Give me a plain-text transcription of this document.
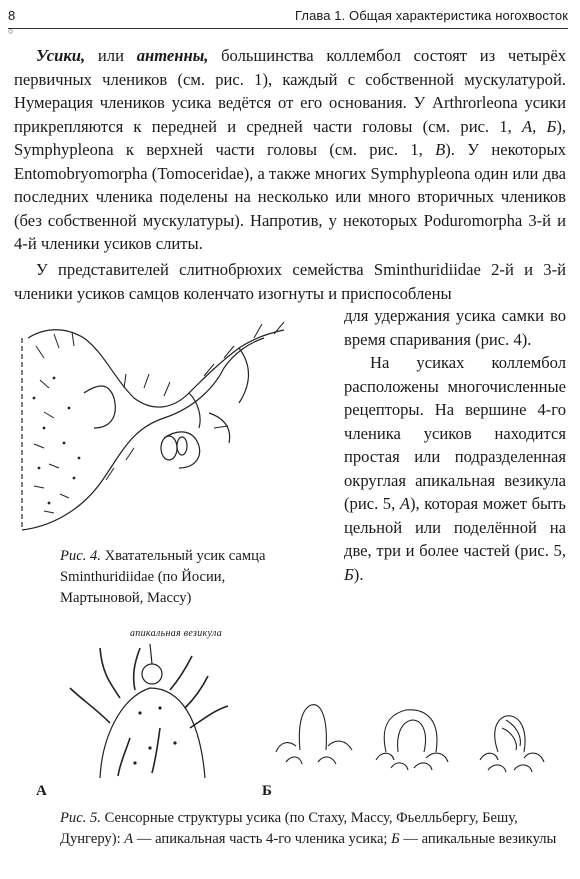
8	Глава 1. Общая характеристика ногохвосток
○

Усики, или антенны, большинства коллембол состоят из четырёх первичных члеников (см. рис. 1), каждый с собственной мускулатурой. Нумерация члеников усика ведётся от его основания. У Arthrorleona усики прикрепляются к передней и средней части головы (см. рис. 1, А, Б), Symphypleona к верхней части головы (см. рис. 1, В). У некоторых Entomobryomorpha (Tomoceridae), а также многих Symphypleona один или два последних членика поделены на несколько или много вторичных члеников (без собственной мускулатуры). Напротив, у некоторых Poduromorpha 3-й и 4-й членики усиков слиты.

У представителей слитнобрюхих семейства Sminthuridiidae 2-й и 3-й членики усиков самцов коленчато изогнуты и приспособлены

для удержания усика самки во время спаривания (рис. 4).

На усиках коллембол расположены многочисленные рецепторы. На вершине 4-го членика усиков находится простая или подразделенная округлая апикальная везикула (рис. 5, А), которая может быть цельной или поделённой на две, три и более частей (рис. 5, Б).

Рис. 4. Хватательный усик самца Sminthuridiidae (по Йосии, Мартыновой, Массу)
апикальная везикула
А	Б
Рис. 5. Сенсорные структуры усика (по Стаху, Массу, Фьелльбергу, Бешу, Дунгеру): А — апикальная часть 4-го членика усика; Б — апикальные везикулы
